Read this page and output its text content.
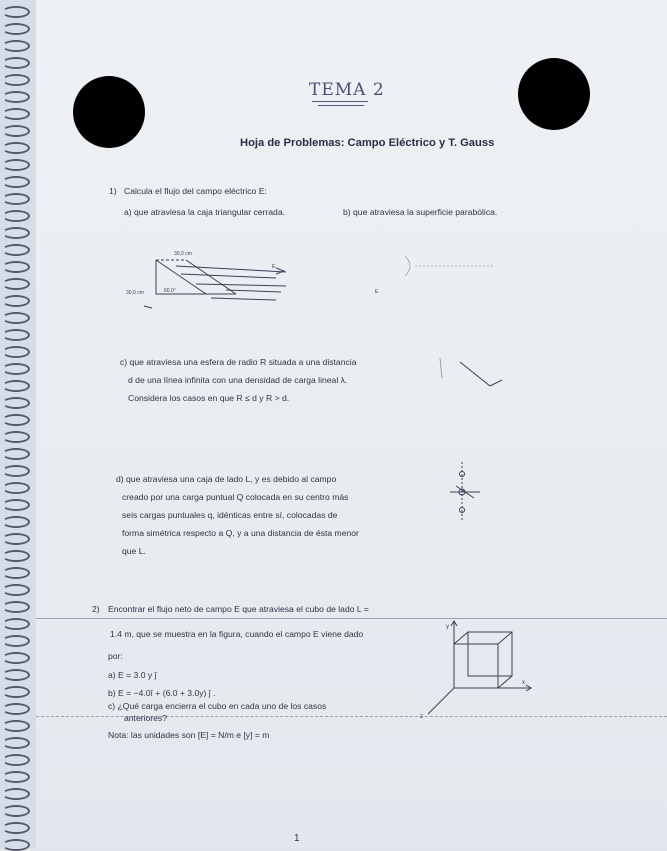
TEMA 2
Hoja de Problemas: Campo Eléctrico y T. Gauss
1) Calcula el flujo del campo eléctrico E:
a) que atraviesa la caja triangular cerrada.	b) que atraviesa la superficie parabólica.
30,0 cm
30,0 cm	60.0°
E
E
c) que atraviesa una esfera de radio R situada a una distancia
d de una línea infinita con una densidad de carga lineal λ.
Considera los casos en que R ≤ d y R > d.
d) que atraviesa una caja de lado L, y es debido al campo
creado por una carga puntual Q colocada en su centro más
seis cargas puntuales q, idénticas entre sí, colocadas de
forma simétrica respecto a Q, y a una distancia de ésta menor
que L.
2) Encontrar el flujo neto de campo E que atraviesa el cubo de lado L =
1.4 m, que se muestra en la figura, cuando el campo E viene dado
por:
a) E = 3.0 y ĵ
b) E = −4.0î + (6.0 + 3.0y) ĵ .
c) ¿Qué carga encierra el cubo en cada uno de los casos
anteriores?
Nota: las unidades son [E] = N/m e [y] = m
y
x
z
1
